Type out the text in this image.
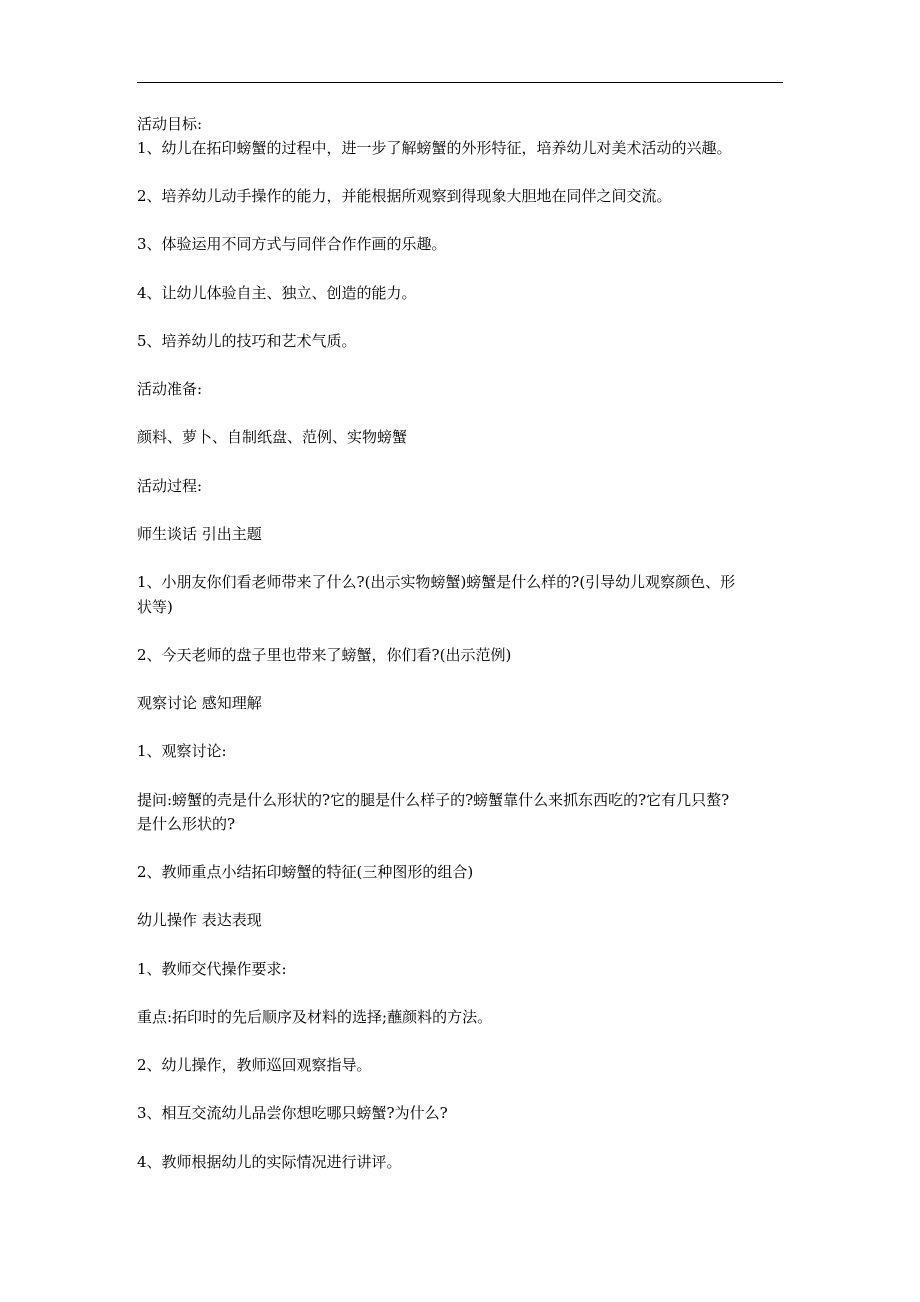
活动目标:
1、幼儿在拓印螃蟹的过程中，进一步了解螃蟹的外形特征，培养幼儿对美术活动的兴趣。
2、培养幼儿动手操作的能力，并能根据所观察到得现象大胆地在同伴之间交流。
3、体验运用不同方式与同伴合作作画的乐趣。
4、让幼儿体验自主、独立、创造的能力。
5、培养幼儿的技巧和艺术气质。
活动准备:
颜料、萝卜、自制纸盘、范例、实物螃蟹
活动过程:
师生谈话 引出主题
1、小朋友你们看老师带来了什么?(出示实物螃蟹)螃蟹是什么样的?(引导幼儿观察颜色、形
状等)
2、今天老师的盘子里也带来了螃蟹，你们看?(出示范例)
观察讨论 感知理解
1、观察讨论:
提问:螃蟹的壳是什么形状的?它的腿是什么样子的?螃蟹靠什么来抓东西吃的?它有几只螯?
是什么形状的?
2、教师重点小结拓印螃蟹的特征(三种图形的组合)
幼儿操作 表达表现
1、教师交代操作要求:
重点:拓印时的先后顺序及材料的选择;蘸颜料的方法。
2、幼儿操作，教师巡回观察指导。
3、相互交流幼儿品尝你想吃哪只螃蟹?为什么?
4、教师根据幼儿的实际情况进行讲评。
